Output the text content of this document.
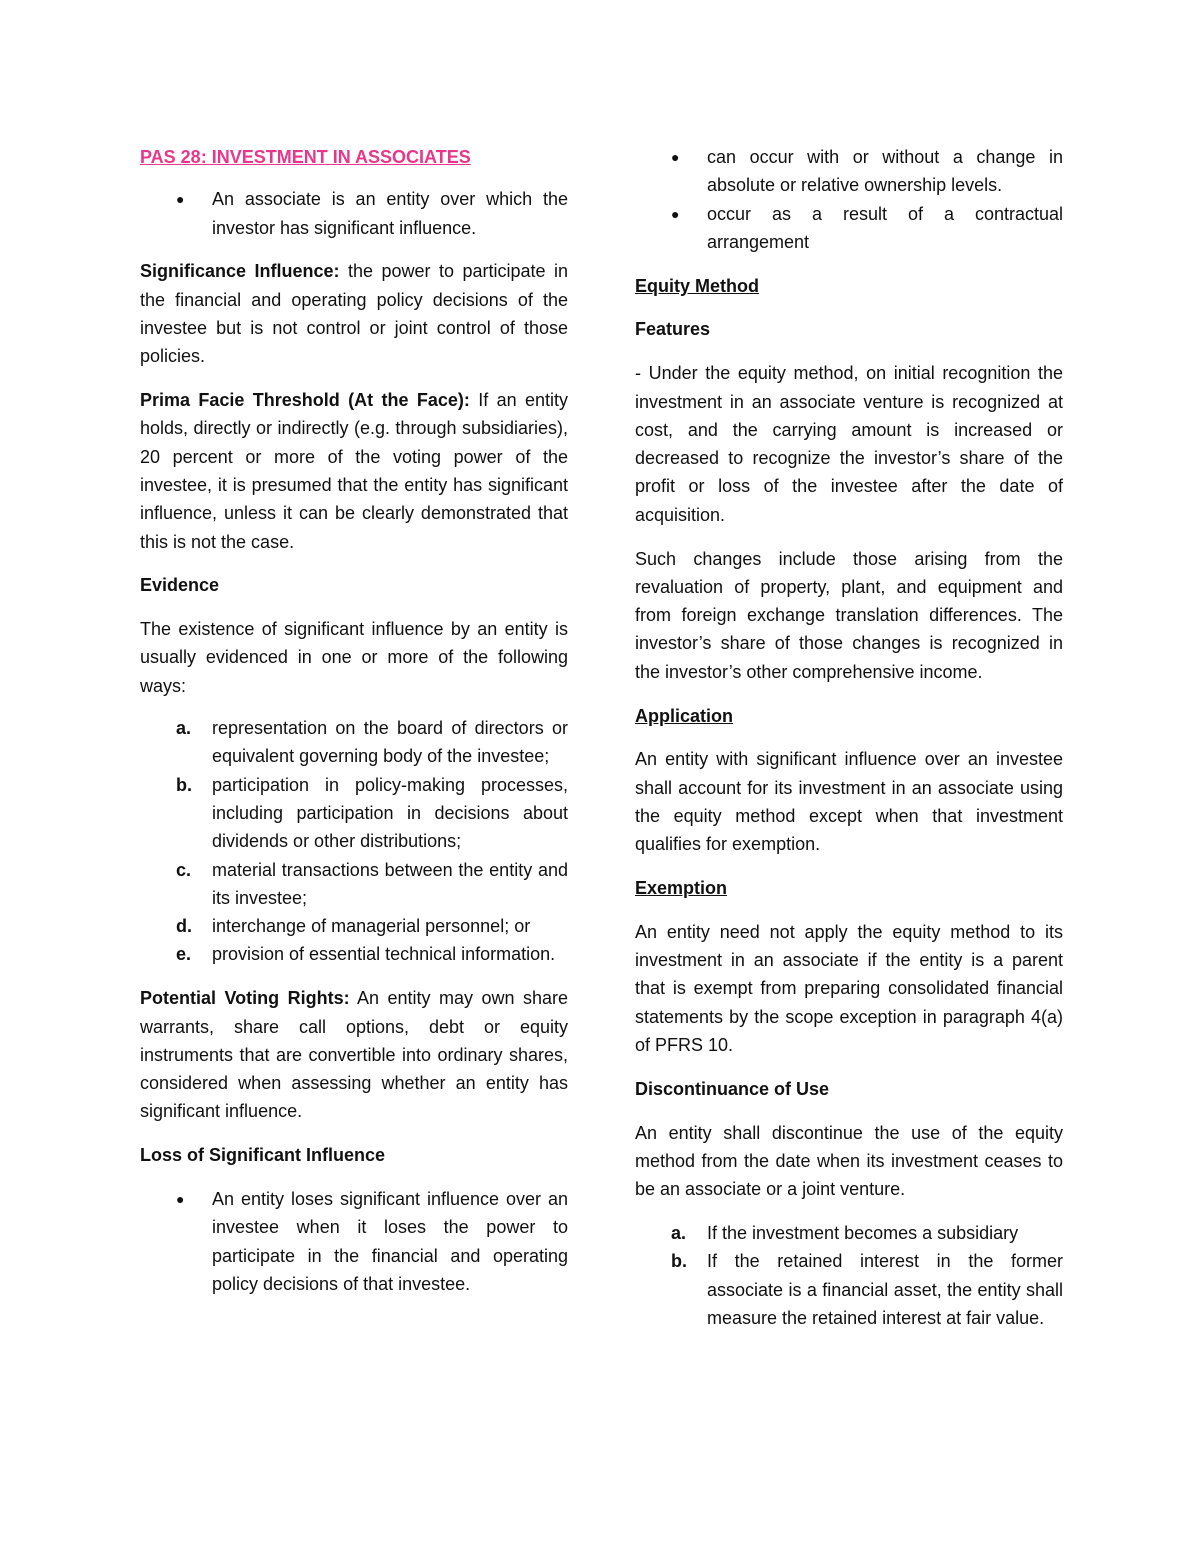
PAS 28: INVESTMENT IN ASSOCIATES

● An associate is an entity over which the investor has significant influence.

Significance Influence: the power to participate in the financial and operating policy decisions of the investee but is not control or joint control of those policies.

Prima Facie Threshold (At the Face): If an entity holds, directly or indirectly (e.g. through subsidiaries), 20 percent or more of the voting power of the investee, it is presumed that the entity has significant influence, unless it can be clearly demonstrated that this is not the case.

Evidence

The existence of significant influence by an entity is usually evidenced in one or more of the following ways:

a. representation on the board of directors or equivalent governing body of the investee;
b. participation in policy-making processes, including participation in decisions about dividends or other distributions;
c. material transactions between the entity and its investee;
d. interchange of managerial personnel; or
e. provision of essential technical information.

Potential Voting Rights: An entity may own share warrants, share call options, debt or equity instruments that are convertible into ordinary shares, considered when assessing whether an entity has significant influence.

Loss of Significant Influence

● An entity loses significant influence over an investee when it loses the power to participate in the financial and operating policy decisions of that investee.
● can occur with or without a change in absolute or relative ownership levels.
● occur as a result of a contractual arrangement

Equity Method

Features

- Under the equity method, on initial recognition the investment in an associate venture is recognized at cost, and the carrying amount is increased or decreased to recognize the investor’s share of the profit or loss of the investee after the date of acquisition.

Such changes include those arising from the revaluation of property, plant, and equipment and from foreign exchange translation differences. The investor’s share of those changes is recognized in the investor’s other comprehensive income.

Application

An entity with significant influence over an investee shall account for its investment in an associate using the equity method except when that investment qualifies for exemption.

Exemption

An entity need not apply the equity method to its investment in an associate if the entity is a parent that is exempt from preparing consolidated financial statements by the scope exception in paragraph 4(a) of PFRS 10.

Discontinuance of Use

An entity shall discontinue the use of the equity method from the date when its investment ceases to be an associate or a joint venture.

a. If the investment becomes a subsidiary
b. If the retained interest in the former associate is a financial asset, the entity shall measure the retained interest at fair value.
